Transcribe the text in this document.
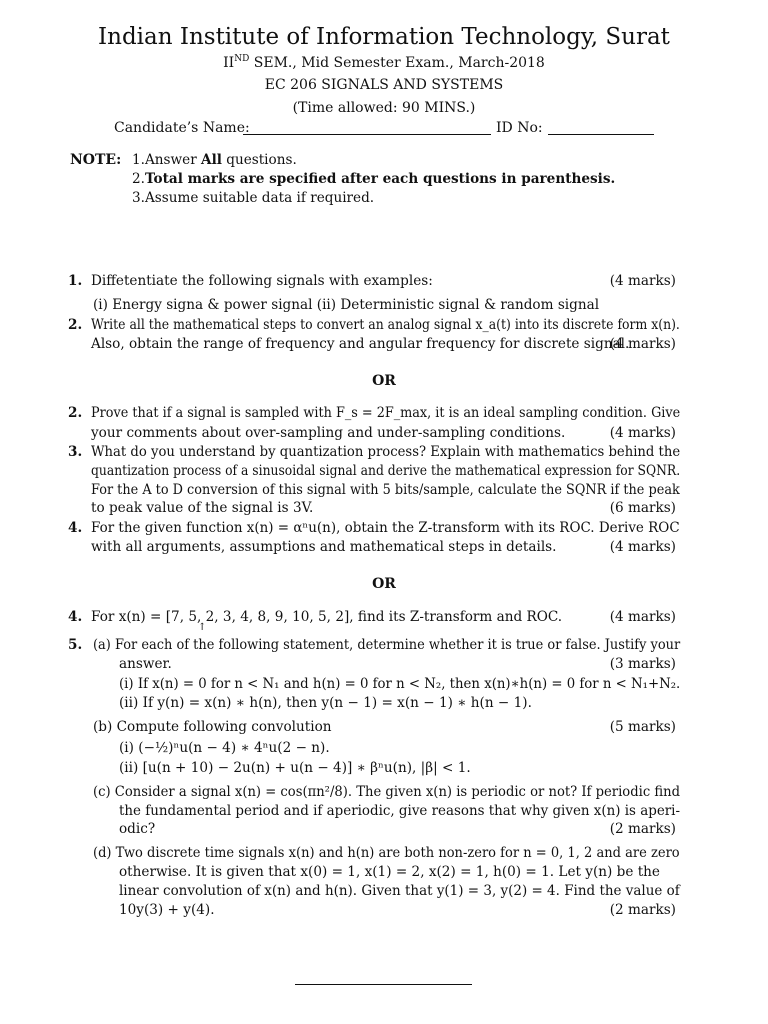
Indian Institute of Information Technology, Surat
IIND SEM., Mid Semester Exam., March-2018
EC 206 SIGNALS AND SYSTEMS
(Time allowed: 90 MINS.)
Candidate’s Name:	ID No:
NOTE: 1.Answer All questions.
2.Total marks are specified after each questions in parenthesis.
3.Assume suitable data if required.
1. Diffetentiate the following signals with examples:	(4 marks)
(i) Energy signa & power signal (ii) Deterministic signal & random signal
2. Write all the mathematical steps to convert an analog signal x_a(t) into its discrete form x(n).
Also, obtain the range of frequency and angular frequency for discrete signal.
(4 marks)
OR
2. Prove that if a signal is sampled with F_s = 2F_max, it is an ideal sampling condition. Give
your comments about over-sampling and under-sampling conditions.	(4 marks)
3. What do you understand by quantization process? Explain with mathematics behind the
quantization process of a sinusoidal signal and derive the mathematical expression for SQNR.
For the A to D conversion of this signal with 5 bits/sample, calculate the SQNR if the peak
to peak value of the signal is 3V.	(6 marks)
4. For the given function x(n) = αⁿu(n), obtain the Z-transform with its ROC. Derive ROC
with all arguments, assumptions and mathematical steps in details.	(4 marks)
OR
4. For x(n) = [7, 5, 2, 3, 4, 8, 9, 10, 5, 2], find its Z-transform and ROC.
↑
(4 marks)
5. (a) For each of the following statement, determine whether it is true or false. Justify your
answer.	(3 marks)
(i) If x(n) = 0 for n < N₁ and h(n) = 0 for n < N₂, then x(n)∗h(n) = 0 for n < N₁+N₂.
(ii) If y(n) = x(n) ∗ h(n), then y(n − 1) = x(n − 1) ∗ h(n − 1).
(b) Compute following convolution	(5 marks)
(i) (−½)ⁿu(n − 4) ∗ 4ⁿu(2 − n).
(ii) [u(n + 10) − 2u(n) + u(n − 4)] ∗ βⁿu(n), |β| < 1.
(c) Consider a signal x(n) = cos(πn²/8). The given x(n) is periodic or not? If periodic find
the fundamental period and if aperiodic, give reasons that why given x(n) is aperi-
odic?	(2 marks)
(d) Two discrete time signals x(n) and h(n) are both non-zero for n = 0, 1, 2 and are zero
otherwise. It is given that x(0) = 1, x(1) = 2, x(2) = 1, h(0) = 1. Let y(n) be the
linear convolution of x(n) and h(n). Given that y(1) = 3, y(2) = 4. Find the value of
10y(3) + y(4).	(2 marks)
